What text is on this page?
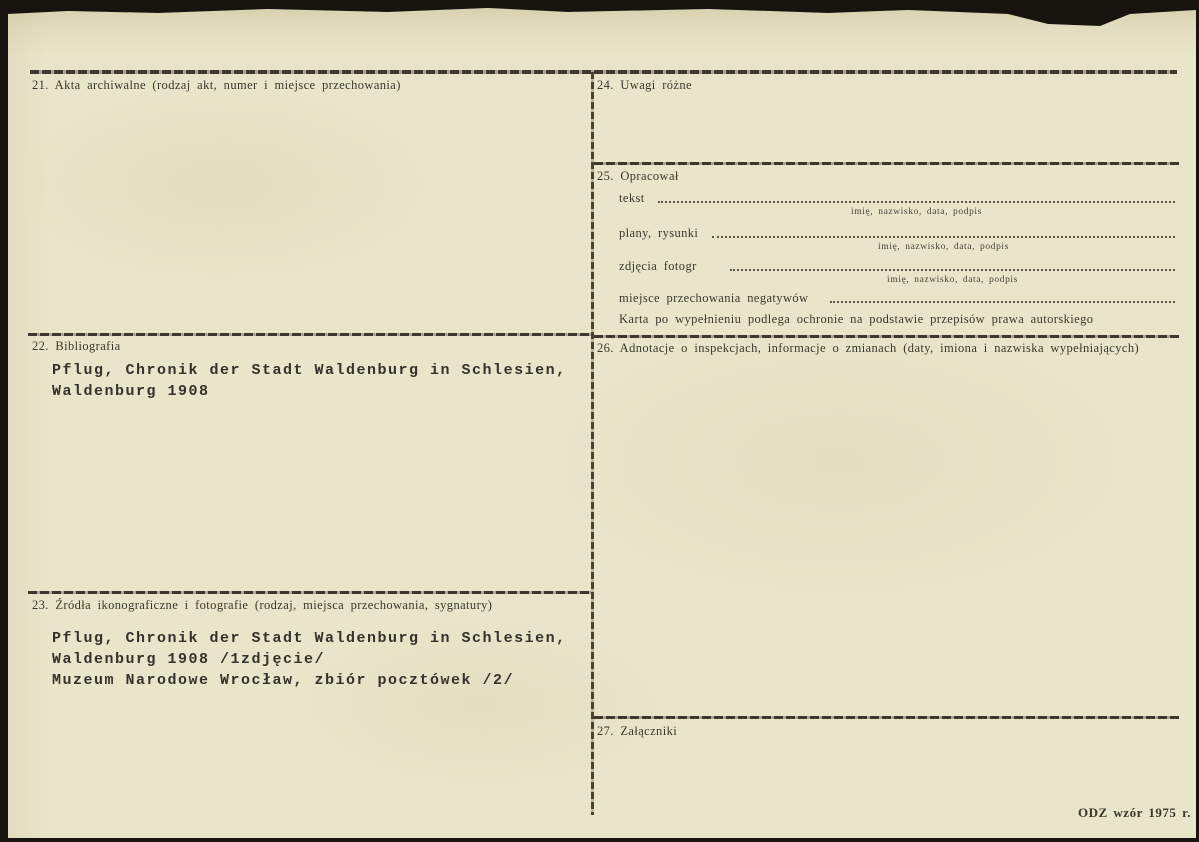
21. Akta archiwalne (rodzaj akt, numer i miejsce przechowania)
22. Bibliografia
Pflug, Chronik der Stadt Waldenburg in Schlesien,
Waldenburg 1908
23. Źródła ikonograficzne i fotografie (rodzaj, miejsca przechowania, sygnatury)
Pflug, Chronik der Stadt Waldenburg in Schlesien,
Waldenburg 1908 /1zdjęcie/
Muzeum Narodowe Wrocław, zbiór pocztówek /2/
24. Uwagi różne
25. Opracował
tekst
imię, nazwisko, data, podpis
plany, rysunki
imię, nazwisko, data, podpis
zdjęcia fotogr
imię, nazwisko, data, podpis
miejsce przechowania negatywów
Karta po wypełnieniu podlega ochronie na podstawie przepisów prawa autorskiego
26. Adnotacje o inspekcjach, informacje o zmianach (daty, imiona i nazwiska wypełniających)
27. Załączniki
ODZ wzór 1975 r.
